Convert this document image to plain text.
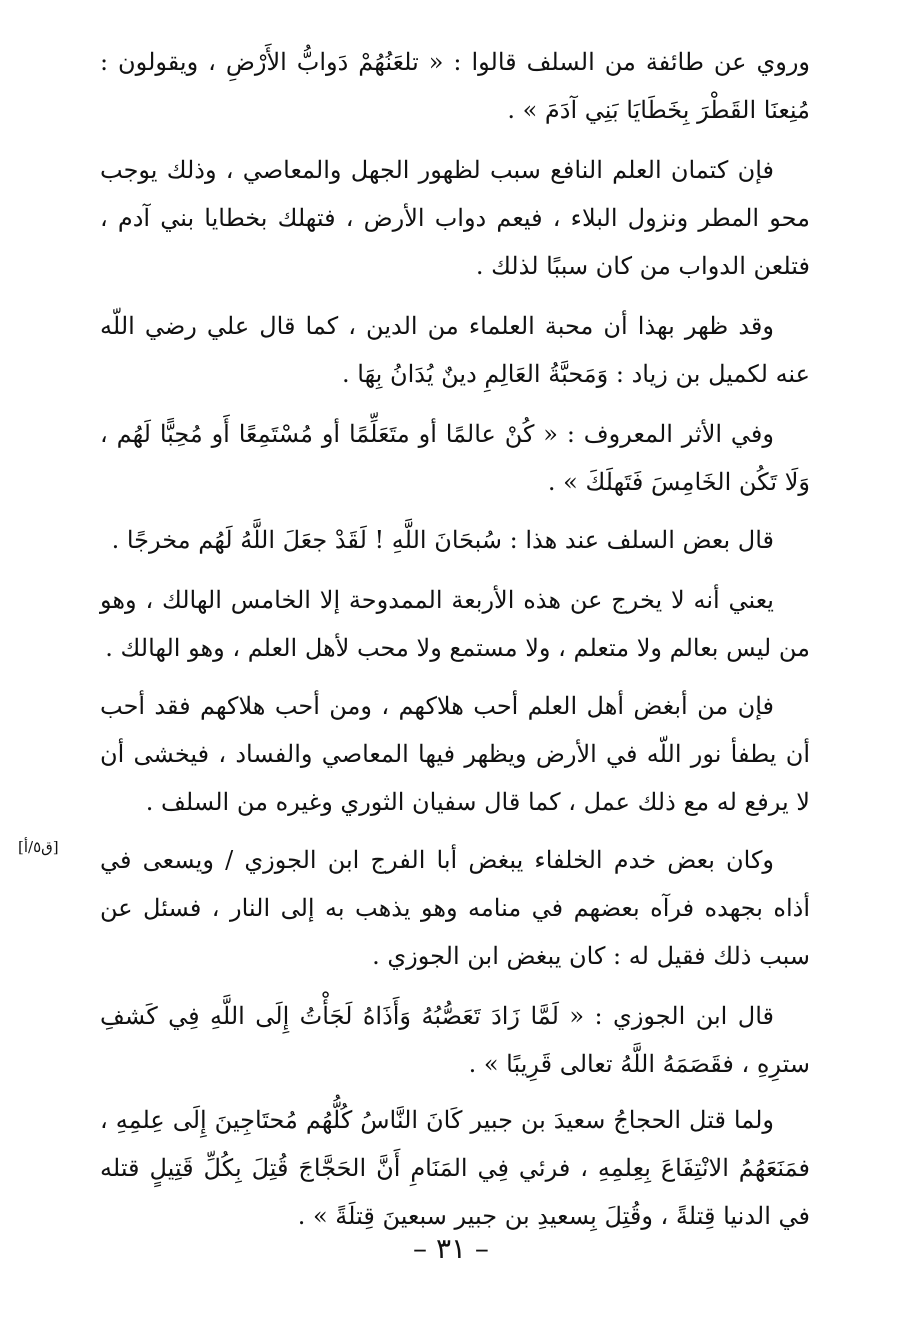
وروي عن طائفة من السلف قالوا : « تلعَنُهُمْ دَوابُّ الأَرْضِ ، ويقولون : مُنِعنَا القَطْرَ بِخَطَايَا بَنِي آدَمَ » .

فإن كتمان العلم النافع سبب لظهور الجهل والمعاصي ، وذلك يوجب محو المطر ونزول البلاء ، فيعم دواب الأرض ، فتهلك بخطايا بني آدم ، فتلعن الدواب من كان سببًا لذلك .

وقد ظهر بهذا أن محبة العلماء من الدين ، كما قال علي رضي اللّه عنه لكميل بن زياد : وَمَحبَّةُ العَالِمِ دينٌ يُدَانُ بِهَا .

وفي الأثر المعروف : « كُنْ عالمًا أو متَعَلِّمًا أو مُسْتَمِعًا أَو مُحِبًّا لَهُم ، وَلَا تَكُن الخَامِسَ فَتَهلَكَ » .

قال بعض السلف عند هذا : سُبحَانَ اللَّهِ ! لَقَدْ جعَلَ اللَّهُ لَهُم مخرجًا .

يعني أنه لا يخرج عن هذه الأربعة الممدوحة إلا الخامس الهالك ، وهو من ليس بعالم ولا متعلم ، ولا مستمع ولا محب لأهل العلم ، وهو الهالك .

فإن من أبغض أهل العلم أحب هلاكهم ، ومن أحب هلاكهم فقد أحب أن يطفأ نور اللّه في الأرض ويظهر فيها المعاصي والفساد ، فيخشى أن لا يرفع له مع ذلك عمل ، كما قال سفيان الثوري وغيره من السلف .

وكان بعض خدم الخلفاء يبغض أبا الفرج ابن الجوزي / ويسعى في أذاه بجهده فرآه بعضهم في منامه وهو يذهب به إلى النار ، فسئل عن سبب ذلك فقيل له : كان يبغض ابن الجوزي .

[ق٥/أ]

قال ابن الجوزي : « لَمَّا زَادَ تَعَصُّبُهُ وَأَذَاهُ لَجَأْتُ إِلَى اللَّهِ فِي كَشفِ سترِهِ ، فقَصَمَهُ اللَّهُ تعالى قَرِيبًا » .

ولما قتل الحجاجُ سعيدَ بن جبير كَانَ النَّاسُ كُلُّهُم مُحتَاجِينَ إِلَى عِلمِهِ ، فمَنَعَهُمُ الانْتِفَاعَ بِعِلمِهِ ، فرئي فِي المَنَامِ أَنَّ الحَجَّاجَ قُتِلَ بِكُلِّ قَتِيلٍ قتله في الدنيا قِتلةً ، وقُتِلَ بِسعيدِ بن جبير سبعينَ قِتلَةً » .

– ٣١ –
